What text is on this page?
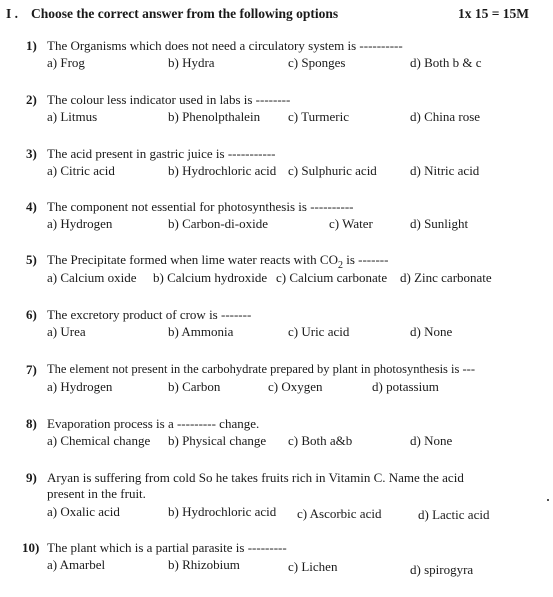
I . Choose the correct answer from the following options	1x 15 = 15M
1) The Organisms which does not need a circulatory system is ----------
a) Frog	b) Hydra	c) Sponges	d) Both b & c
2) The colour less indicator used in labs is --------
a) Litmus	b) Phenolpthalein c) Turmeric	d) China rose
3) The acid present in gastric juice is -----------
a) Citric acid	b) Hydrochloric acid c) Sulphuric acid	d) Nitric acid
4) The component not essential for photosynthesis is ----------
a) Hydrogen	b) Carbon-di-oxide	c) Water	d) Sunlight
5) The Precipitate formed when lime water reacts with $CO_2$ is -------
a) Calcium oxide b) Calcium hydroxide c) Calcium carbonate d) Zinc carbonate
6) The excretory product of crow is -------
a) Urea	b) Ammonia	c) Uric acid	d) None
7) The element not present in the carbohydrate prepared by plant in photosynthesis is ---
a) Hydrogen	b) Carbon	c) Oxygen	d) potassium
8) Evaporation process is a --------- change.
a) Chemical change b) Physical change c) Both a&b	d) None
9) Aryan is suffering from cold So he takes fruits rich in Vitamin C. Name the acid
present in the fruit.
a) Oxalic acid	b) Hydrochloric acid c) Ascorbic acid	d) Lactic acid
10) The plant which is a partial parasite is ---------
a) Amarbel	b) Rhizobium	c) Lichen	d) spirogyra
